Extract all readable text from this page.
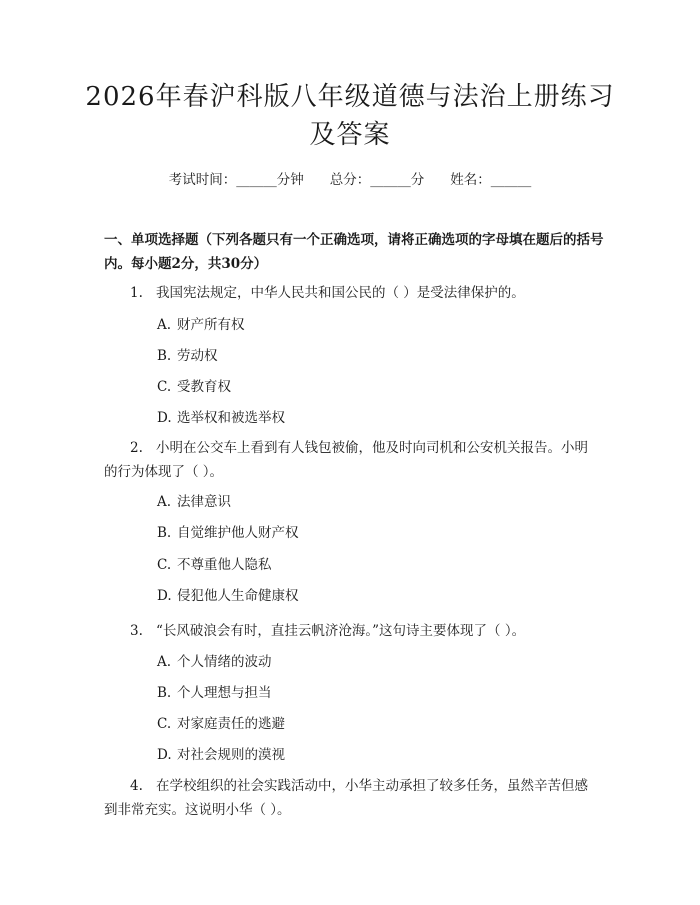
2026年春沪科版八年级道德与法治上册练习
及答案
考试时间：______分钟 总分：______分 姓名：______
一、单项选择题（下列各题只有一个正确选项，请将正确选项的字母填在题后的括号内。每小题2分，共30分）
1. 我国宪法规定，中华人民共和国公民的（ ）是受法律保护的。
A. 财产所有权
B. 劳动权
C. 受教育权
D. 选举权和被选举权
2. 小明在公交车上看到有人钱包被偷，他及时向司机和公安机关报告。小明
的行为体现了（ ）。
A. 法律意识
B. 自觉维护他人财产权
C. 不尊重他人隐私
D. 侵犯他人生命健康权
3. “长风破浪会有时，直挂云帆济沧海。”这句诗主要体现了（ ）。
A. 个人情绪的波动
B. 个人理想与担当
C. 对家庭责任的逃避
D. 对社会规则的漠视
4. 在学校组织的社会实践活动中，小华主动承担了较多任务，虽然辛苦但感
到非常充实。这说明小华（ ）。
